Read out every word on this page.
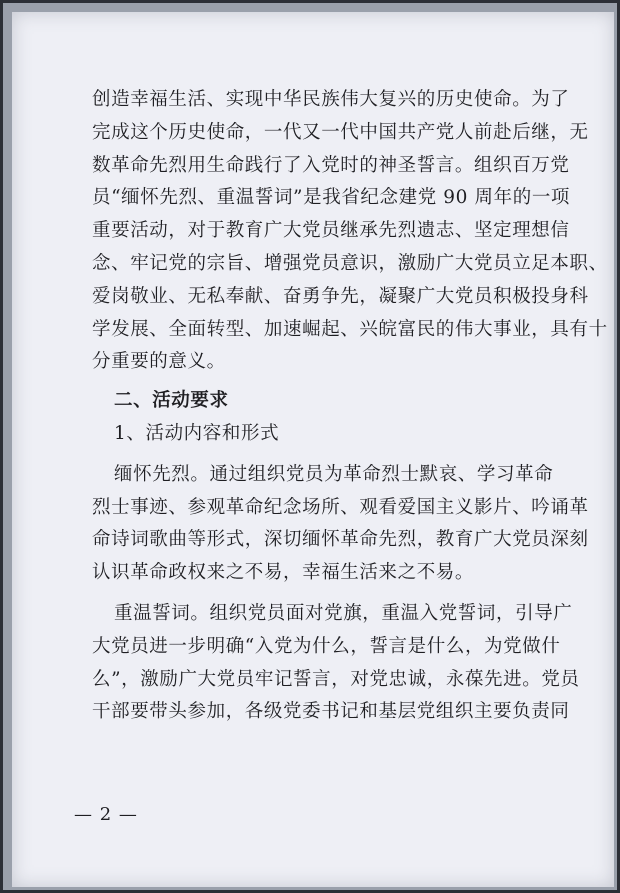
创造幸福生活、实现中华民族伟大复兴的历史使命。为了
完成这个历史使命，一代又一代中国共产党人前赴后继，无
数革命先烈用生命践行了入党时的神圣誓言。组织百万党
员“缅怀先烈、重温誓词”是我省纪念建党 90 周年的一项
重要活动，对于教育广大党员继承先烈遗志、坚定理想信
念、牢记党的宗旨、增强党员意识，激励广大党员立足本职、
爱岗敬业、无私奉献、奋勇争先，凝聚广大党员积极投身科
学发展、全面转型、加速崛起、兴皖富民的伟大事业，具有十
分重要的意义。
二、活动要求
1、活动内容和形式
缅怀先烈。通过组织党员为革命烈士默哀、学习革命
烈士事迹、参观革命纪念场所、观看爱国主义影片、吟诵革
命诗词歌曲等形式，深切缅怀革命先烈，教育广大党员深刻
认识革命政权来之不易，幸福生活来之不易。
重温誓词。组织党员面对党旗，重温入党誓词，引导广
大党员进一步明确“入党为什么，誓言是什么，为党做什
么”，激励广大党员牢记誓言，对党忠诚，永葆先进。党员
干部要带头参加，各级党委书记和基层党组织主要负责同
— 2 —
